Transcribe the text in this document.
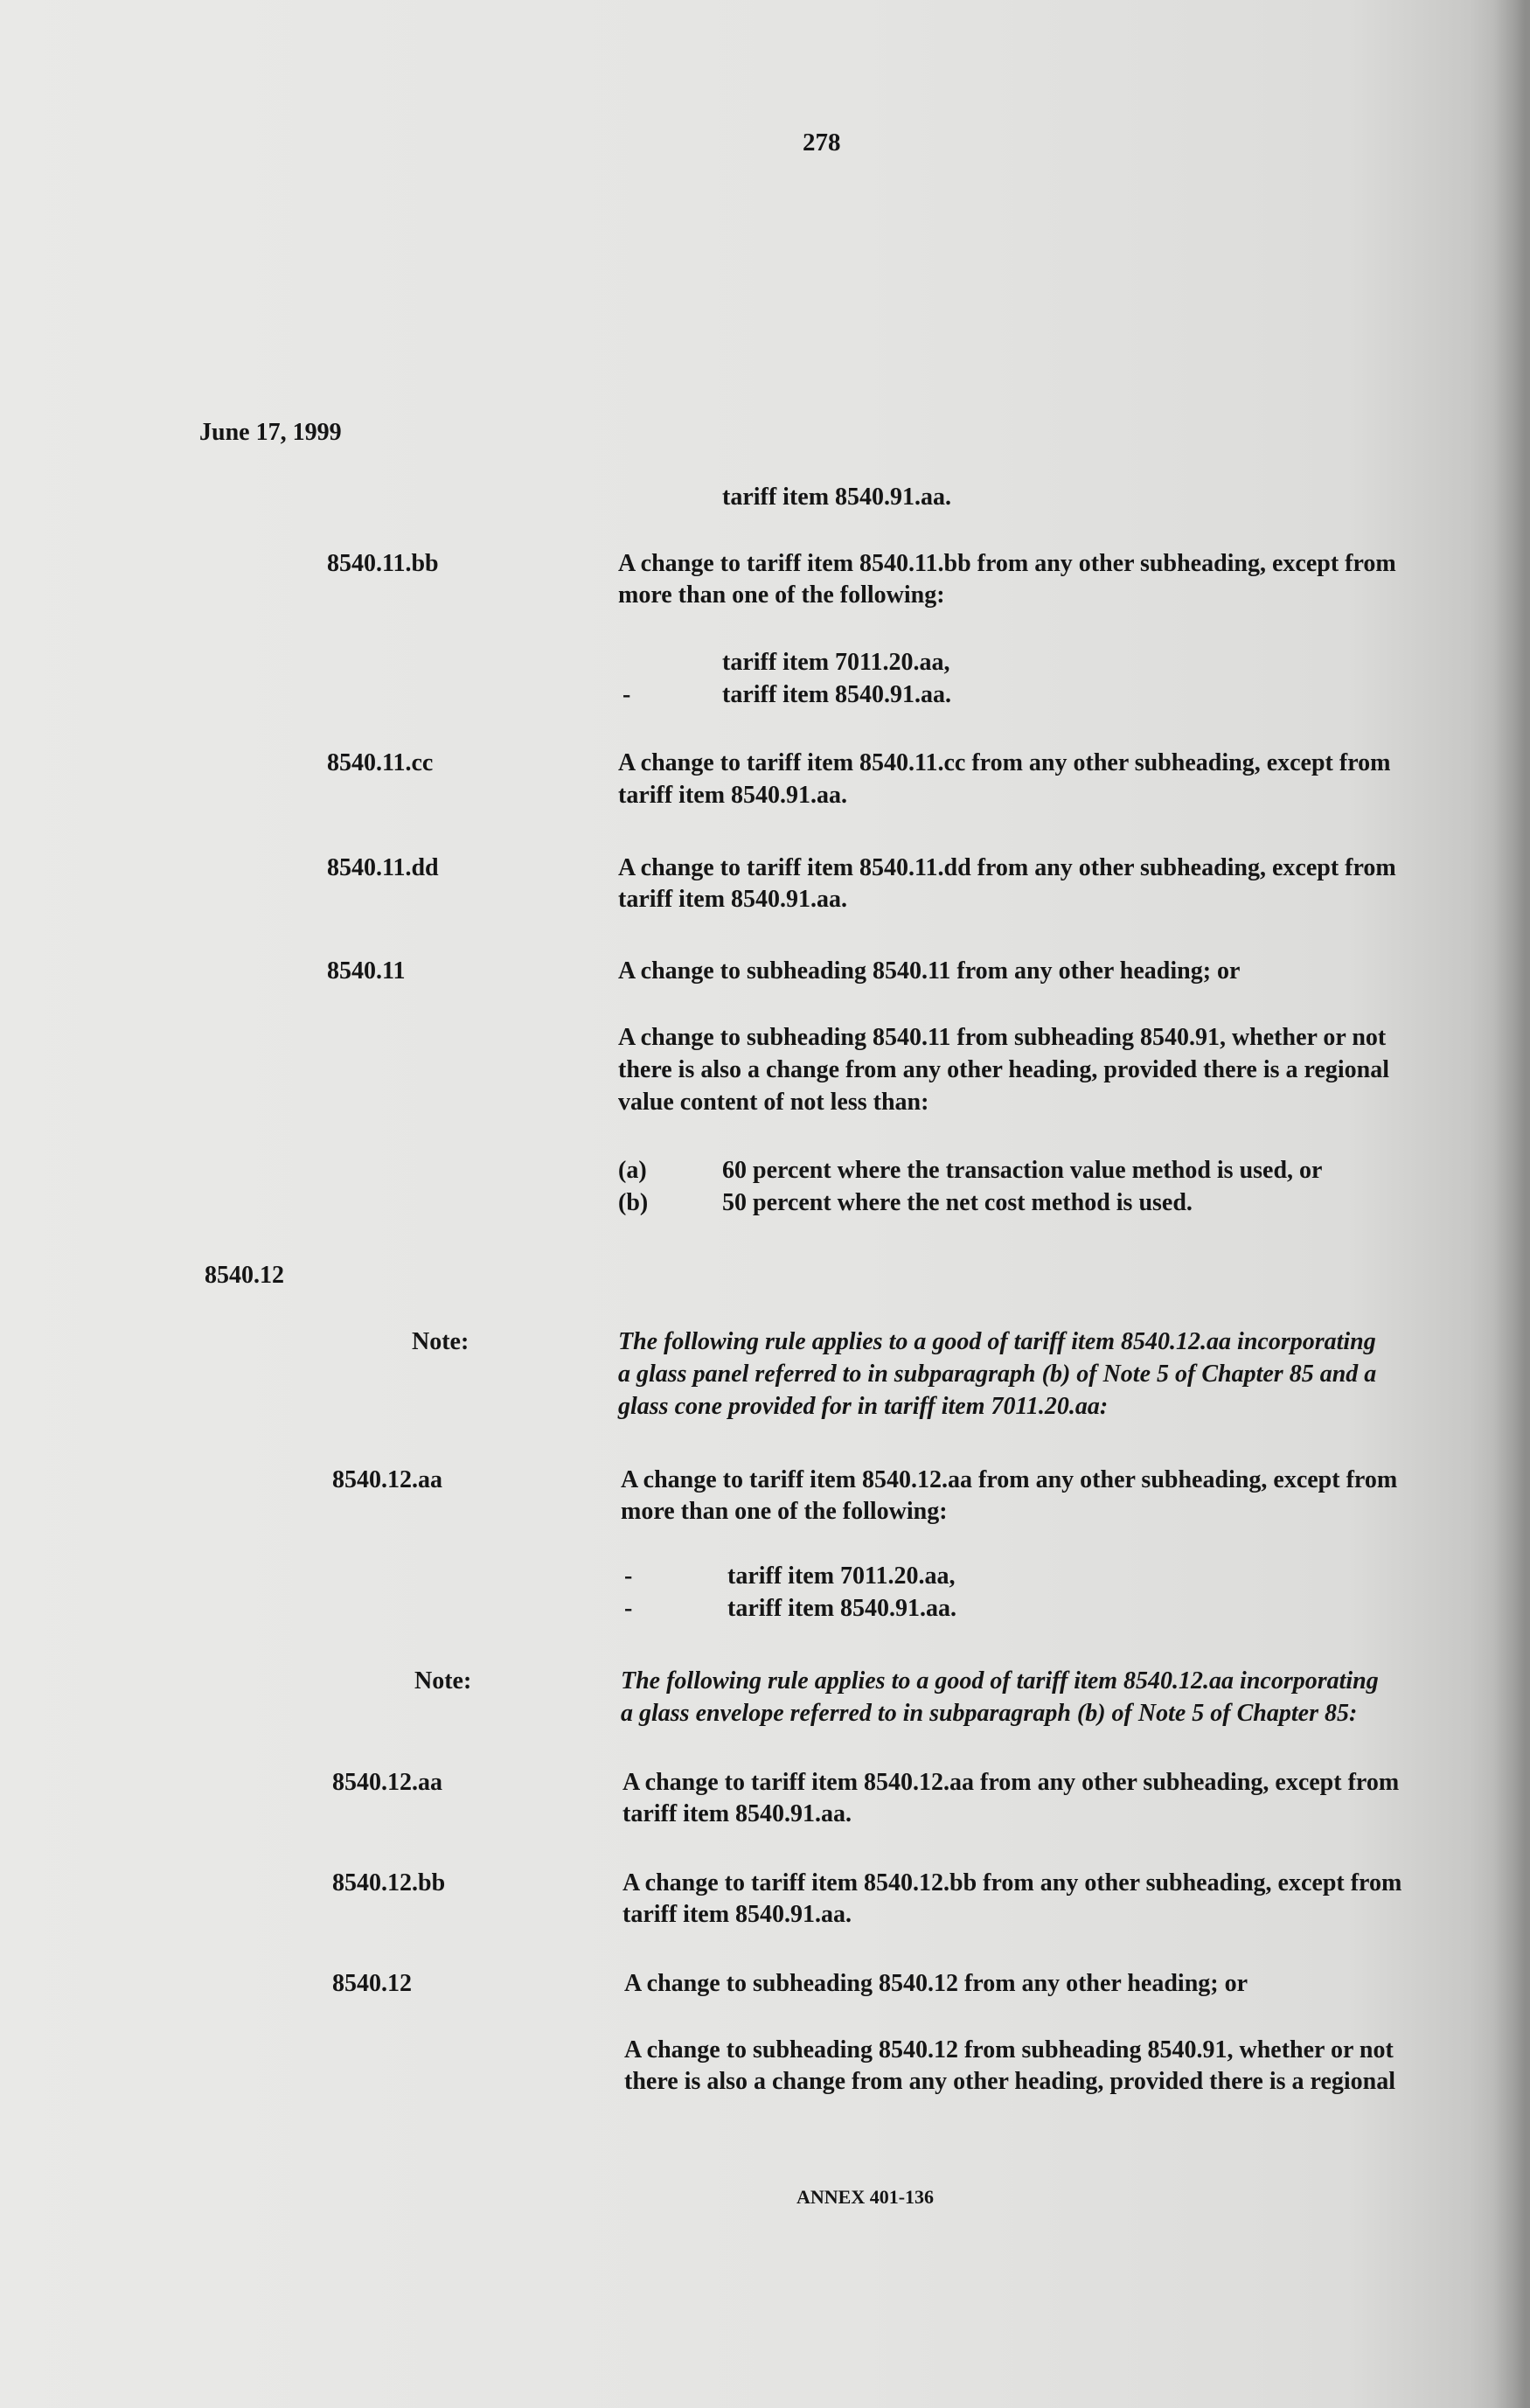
278
June 17, 1999
tariff item 8540.91.aa.
8540.11.bb	A change to tariff item 8540.11.bb from any other subheading, except from
more than one of the following:
tariff item 7011.20.aa,
-	tariff item 8540.91.aa.
8540.11.cc	A change to tariff item 8540.11.cc from any other subheading, except from
tariff item 8540.91.aa.
8540.11.dd	A change to tariff item 8540.11.dd from any other subheading, except from
tariff item 8540.91.aa.
8540.11	A change to subheading 8540.11 from any other heading; or
A change to subheading 8540.11 from subheading 8540.91, whether or not
there is also a change from any other heading, provided there is a regional
value content of not less than:
(a)	60 percent where the transaction value method is used, or
(b)	50 percent where the net cost method is used.
8540.12
Note:	The following rule applies to a good of tariff item 8540.12.aa incorporating
a glass panel referred to in subparagraph (b) of Note 5 of Chapter 85 and a
glass cone provided for in tariff item 7011.20.aa:
8540.12.aa	A change to tariff item 8540.12.aa from any other subheading, except from
more than one of the following:
-	tariff item 7011.20.aa,
-	tariff item 8540.91.aa.
Note:	The following rule applies to a good of tariff item 8540.12.aa incorporating
a glass envelope referred to in subparagraph (b) of Note 5 of Chapter 85:
8540.12.aa	A change to tariff item 8540.12.aa from any other subheading, except from
tariff item 8540.91.aa.
8540.12.bb	A change to tariff item 8540.12.bb from any other subheading, except from
tariff item 8540.91.aa.
8540.12	A change to subheading 8540.12 from any other heading; or
A change to subheading 8540.12 from subheading 8540.91, whether or not
there is also a change from any other heading, provided there is a regional
ANNEX 401-136
